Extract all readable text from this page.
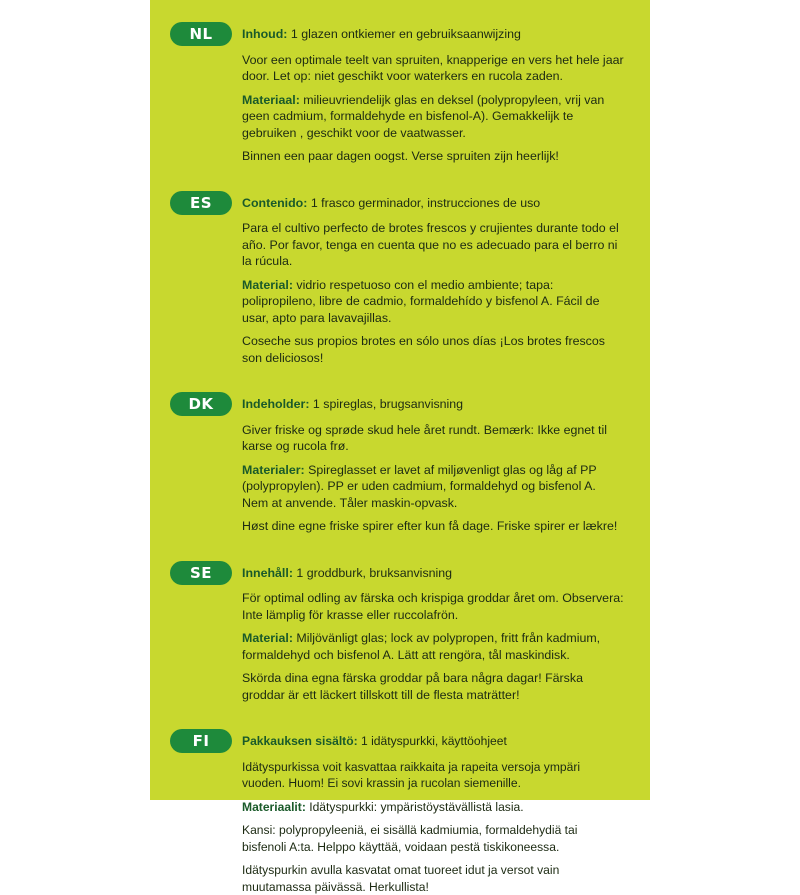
NL	Inhoud: 1 glazen ontkiemer en gebruiksaanwijzing

Voor een optimale teelt van spruiten, knapperige en vers het hele jaar door. Let op: niet geschikt voor waterkers en rucola zaden.

Materiaal: milieuvriendelijk glas en deksel (polypropyleen, vrij van geen cadmium, formaldehyde en bisfenol-A). Gemakkelijk te gebruiken , geschikt voor de vaatwasser.

Binnen een paar dagen oogst. Verse spruiten zijn heerlijk!

ES	Contenido: 1 frasco germinador, instrucciones de uso

Para el cultivo perfecto de brotes frescos y crujientes durante todo el año. Por favor, tenga en cuenta que no es adecuado para el berro ni la rúcula.

Material: vidrio respetuoso con el medio ambiente; tapa: polipropileno, libre de cadmio, formaldehído y bisfenol A. Fácil de usar, apto para lavavajillas.

Coseche sus propios brotes en sólo unos días ¡Los brotes frescos son deliciosos!

DK	Indeholder: 1 spireglas, brugsanvisning

Giver friske og sprøde skud hele året rundt. Bemærk: Ikke egnet til karse og rucola frø.

Materialer: Spireglasset er lavet af miljøvenligt glas og låg af PP (polypropylen). PP er uden cadmium, formaldehyd og bisfenol A. Nem at anvende. Tåler maskin-opvask.

Høst dine egne friske spirer efter kun få dage. Friske spirer er lækre!

SE	Innehåll: 1 groddburk, bruksanvisning

För optimal odling av färska och krispiga groddar året om. Observera: Inte lämplig för krasse eller ruccolafrön.

Material: Miljövänligt glas; lock av polypropen, fritt från kadmium, formaldehyd och bisfenol A. Lätt att rengöra, tål maskindisk.

Skörda dina egna färska groddar på bara några dagar! Färska groddar är ett läckert tillskott till de flesta maträtter!

FI	Pakkauksen sisältö: 1 idätyspurkki, käyttöohjeet

Idätyspurkissa voit kasvattaa raikkaita ja rapeita versoja ympäri vuoden. Huom! Ei sovi krassin ja rucolan siemenille.

Materiaalit: Idätyspurkki: ympäristöystävällistä lasia.

Kansi: polypropyleeniä, ei sisällä kadmiumia, formaldehydiä tai bisfenoli A:ta. Helppo käyttää, voidaan pestä tiskikoneessa.

Idätyspurkin avulla kasvatat omat tuoreet idut ja versot vain muutamassa päivässä. Herkullista!
